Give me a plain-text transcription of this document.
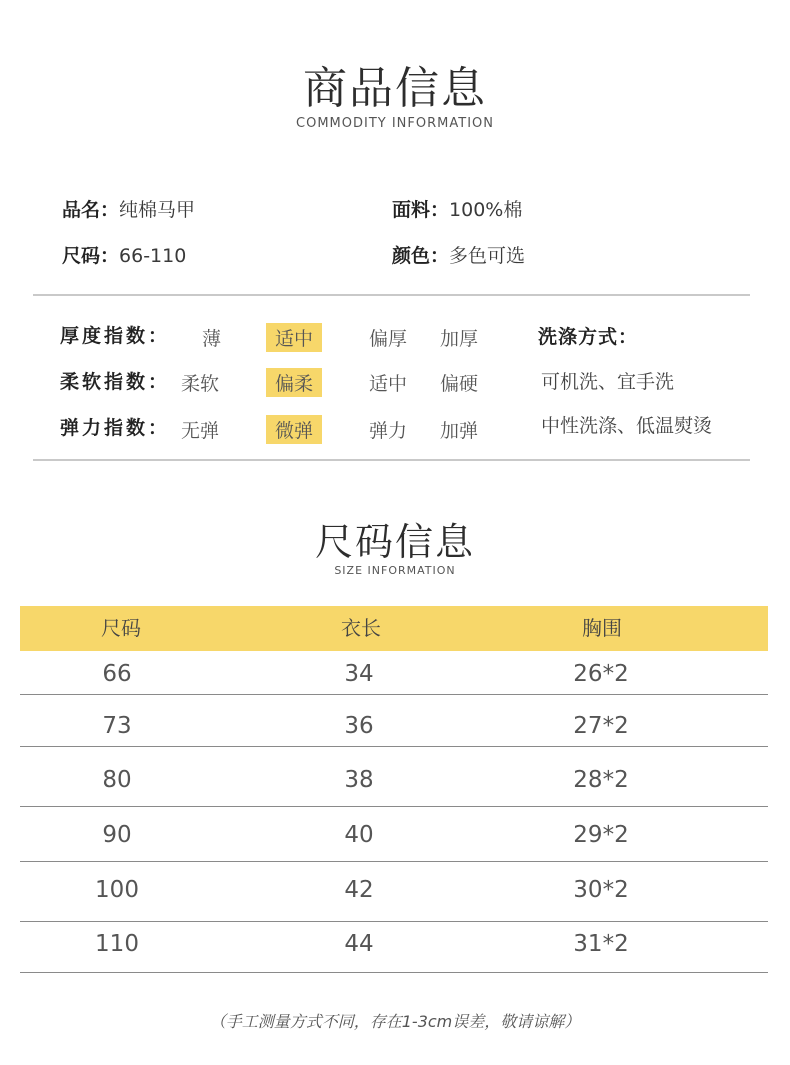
商品信息
COMMODITY INFORMATION
品名：纯棉马甲	面料：100%棉
尺码：66-110	颜色：多色可选
厚度指数： 薄	适中	偏厚 加厚
柔软指数： 柔软	偏柔	适中 偏硬
弹力指数： 无弹	微弹	弹力 加弹
洗涤方式：
可机洗、宜手洗
中性洗涤、低温熨烫
尺码信息
SIZE INFORMATION
尺码	衣长	胸围
66	34	26*2
73	36	27*2
80	38	28*2
90	40	29*2
100	42	30*2
110	44	31*2
（手工测量方式不同，存在1-3cm误差，敬请谅解）
